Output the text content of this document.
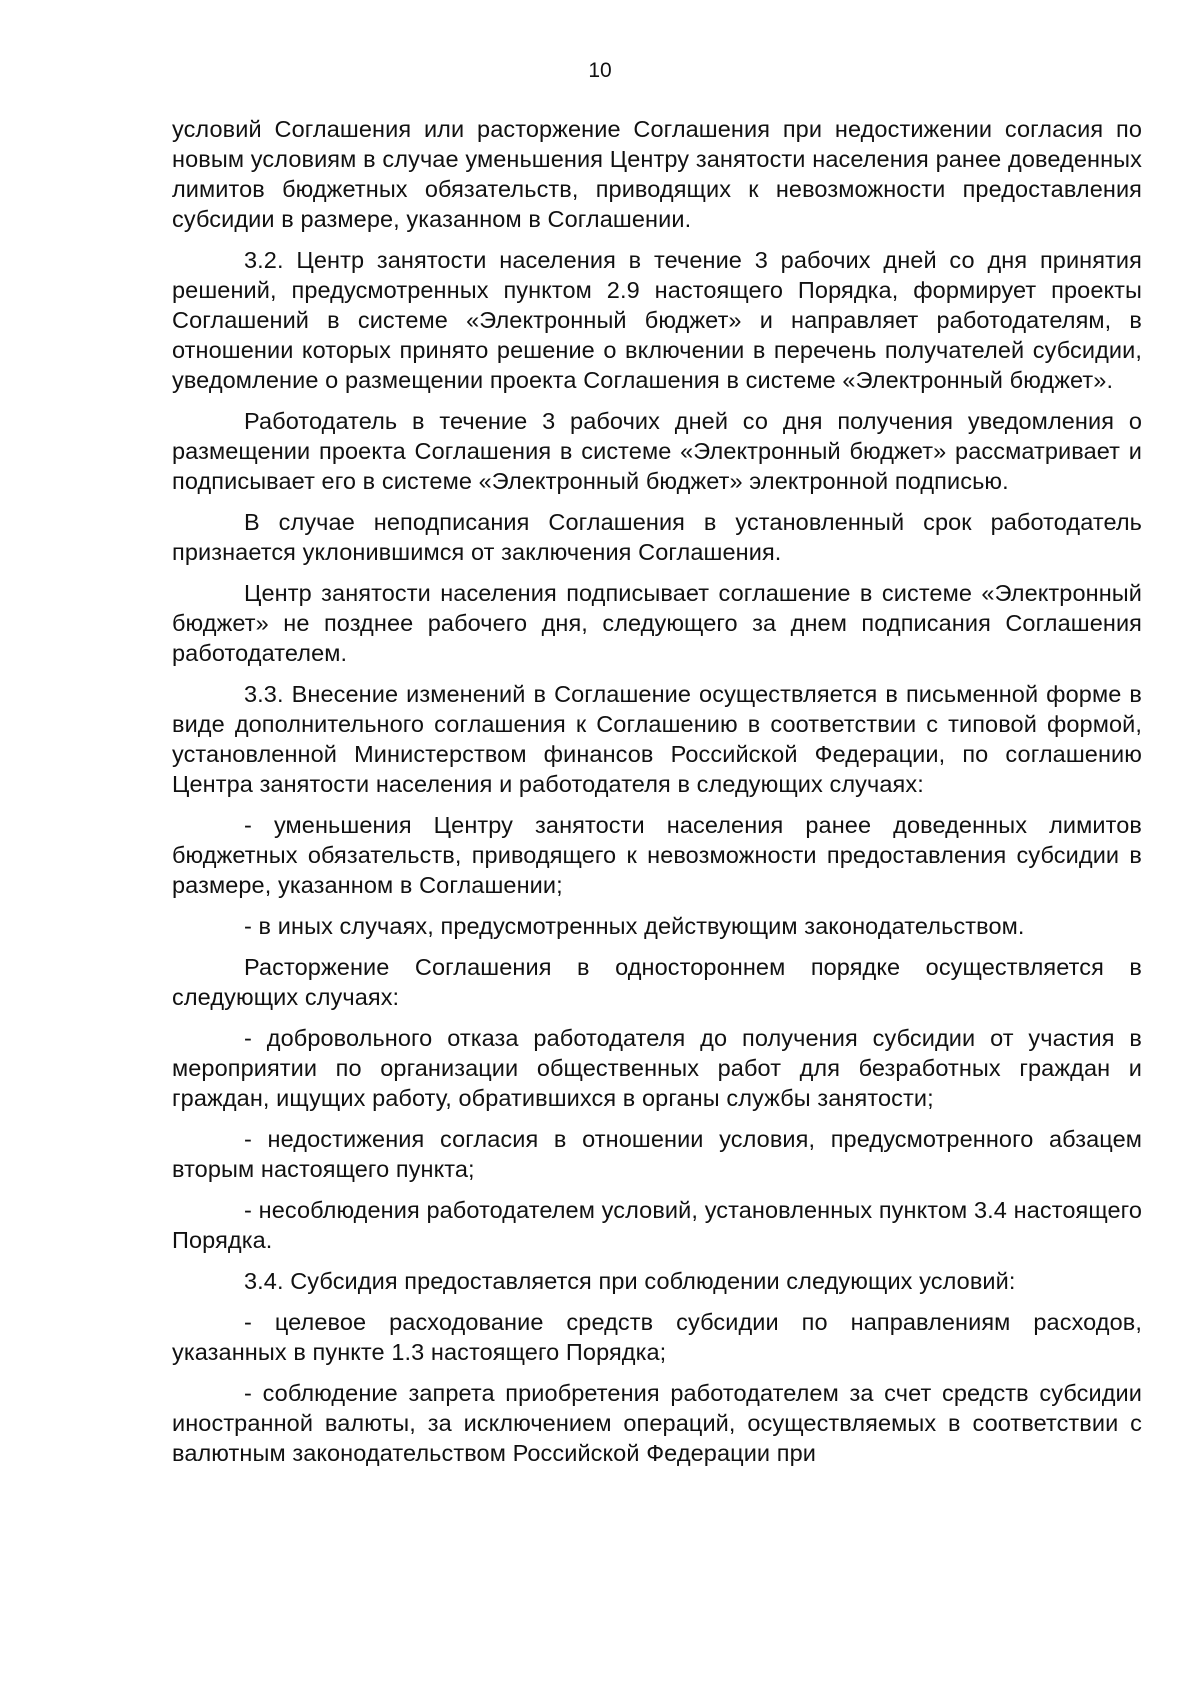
10

условий Соглашения или расторжение Соглашения при недостижении согласия по новым условиям в случае уменьшения Центру занятости населения ранее доведенных лимитов бюджетных обязательств, приводящих к невозможности предоставления субсидии в размере, указанном в Соглашении.

3.2. Центр занятости населения в течение 3 рабочих дней со дня принятия решений, предусмотренных пунктом 2.9 настоящего Порядка, формирует проекты Соглашений в системе «Электронный бюджет» и направляет работодателям, в отношении которых принято решение о включении в перечень получателей субсидии, уведомление о размещении проекта Соглашения в системе «Электронный бюджет».

Работодатель в течение 3 рабочих дней со дня получения уведомления о размещении проекта Соглашения в системе «Электронный бюджет» рассматривает и подписывает его в системе «Электронный бюджет» электронной подписью.

В случае неподписания Соглашения в установленный срок работодатель признается уклонившимся от заключения Соглашения.

Центр занятости населения подписывает соглашение в системе «Электронный бюджет» не позднее рабочего дня, следующего за днем подписания Соглашения работодателем.

3.3. Внесение изменений в Соглашение осуществляется в письменной форме в виде дополнительного соглашения к Соглашению в соответствии с типовой формой, установленной Министерством финансов Российской Федерации, по соглашению Центра занятости населения и работодателя в следующих случаях:

- уменьшения Центру занятости населения ранее доведенных лимитов бюджетных обязательств, приводящего к невозможности предоставления субсидии в размере, указанном в Соглашении;

- в иных случаях, предусмотренных действующим законодательством.

Расторжение Соглашения в одностороннем порядке осуществляется в следующих случаях:

- добровольного отказа работодателя до получения субсидии от участия в мероприятии по организации общественных работ для безработных граждан и граждан, ищущих работу, обратившихся в органы службы занятости;

- недостижения согласия в отношении условия, предусмотренного абзацем вторым настоящего пункта;

- несоблюдения работодателем условий, установленных пунктом 3.4 настоящего Порядка.

3.4. Субсидия предоставляется при соблюдении следующих условий:

- целевое расходование средств субсидии по направлениям расходов, указанных в пункте 1.3 настоящего Порядка;

- соблюдение запрета приобретения работодателем за счет средств субсидии иностранной валюты, за исключением операций, осуществляемых в соответствии с валютным законодательством Российской Федерации при
